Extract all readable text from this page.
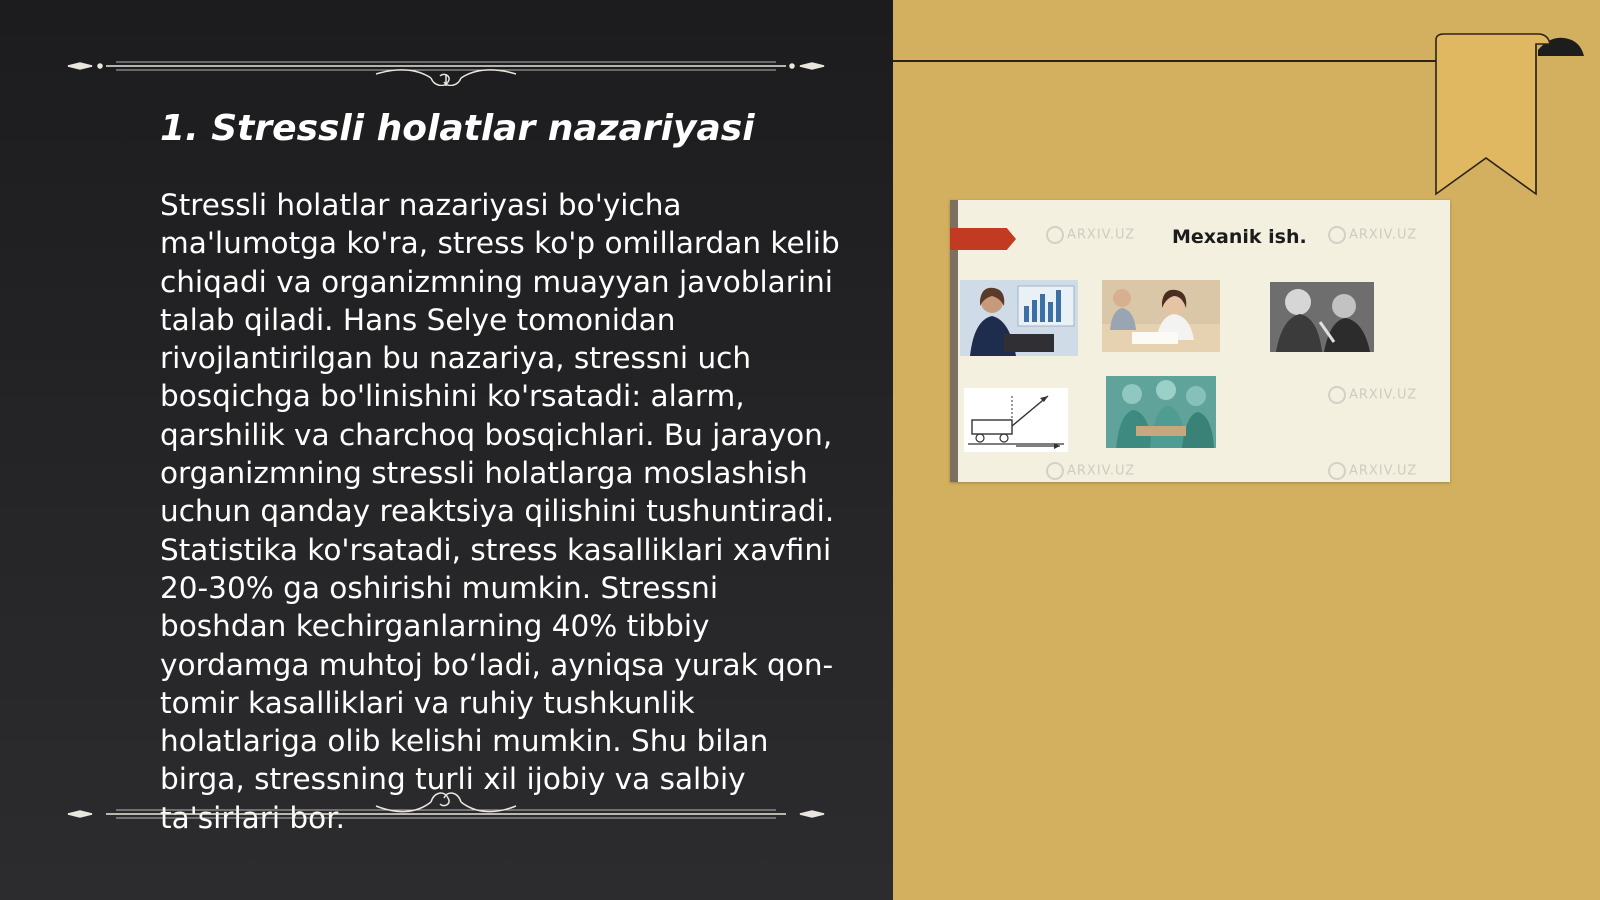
1. Stressli holatlar nazariyasi

Stressli holatlar nazariyasi bo'yicha ma'lumotga ko'ra, stress ko'p omillardan kelib chiqadi va organizmning muayyan javoblarini talab qiladi. Hans Selye tomonidan rivojlantirilgan bu nazariya, stressni uch bosqichga bo'linishini ko'rsatadi: alarm, qarshilik va charchoq bosqichlari. Bu jarayon, organizmning stressli holatlarga moslashish uchun qanday reaktsiya qilishini tushuntiradi. Statistika ko'rsatadi, stress kasalliklari xavfini 20-30% ga oshirishi mumkin. Stressni boshdan kechirganlarning 40% tibbiy yordamga muhtoj bo‘ladi, ayniqsa yurak qon-tomir kasalliklari va ruhiy tushkunlik holatlariga olib kelishi mumkin. Shu bilan birga, stressning turli xil ijobiy va salbiy ta'sirlari bor.

Mexanik ish.
ARXIV.UZ	ARXIV.UZ
ARXIV.UZ
ARXIV.UZ	ARXIV.UZ
